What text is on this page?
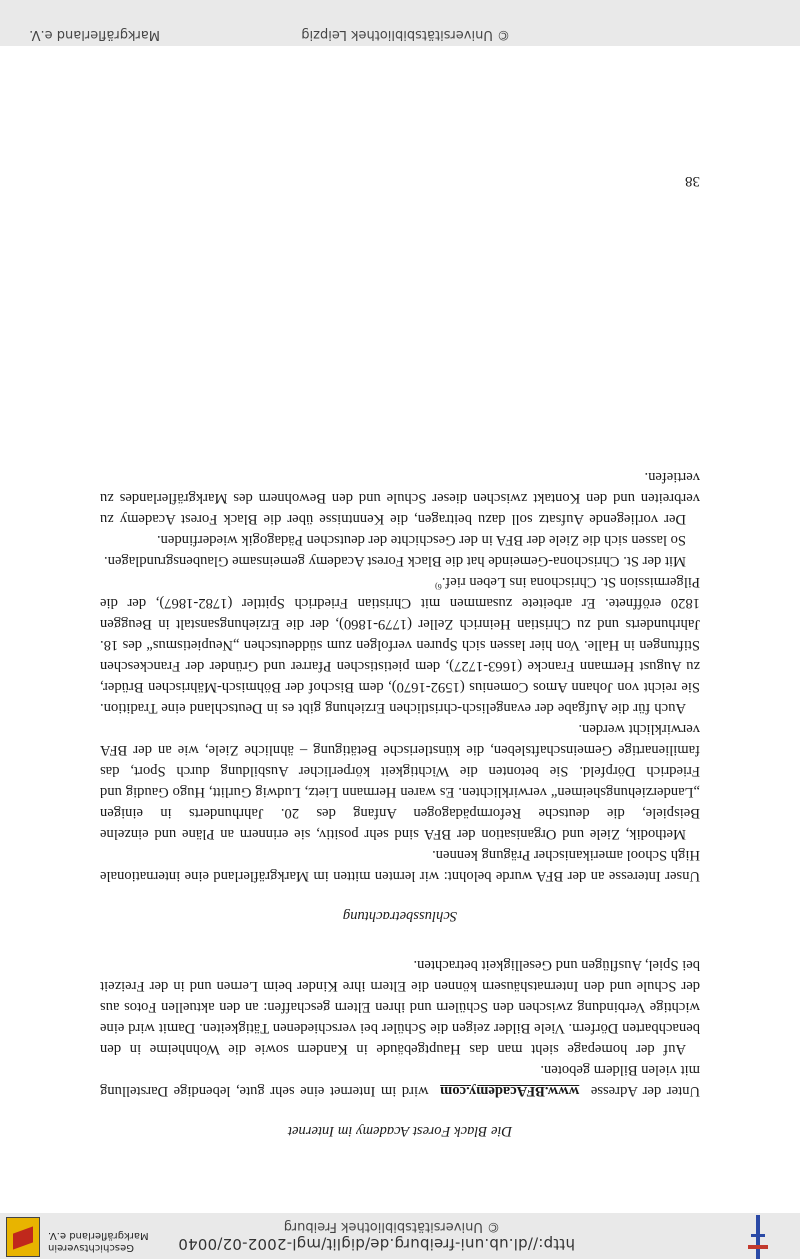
http://dl.ub.uni-freiburg.de/diglit/mgl-2002-02/0040
© Universitätsbibliothek Freiburg
Geschichtsverein
Markgräflerland e.V.
38
Die Black Forest Academy im Internet

Unter der Adresse www.BFAcademy.com wird im Internet eine sehr gute, lebendige Darstellung mit vielen Bildern geboten.

Auf der homepage sieht man das Hauptgebäude in Kandern sowie die Wohnheime in den benachbarten Dörfern. Viele Bilder zeigen die Schüler bei verschiedenen Tätigkeiten. Damit wird eine wichtige Verbindung zwischen den Schülern und ihren Eltern geschaffen: an den aktuellen Fotos aus der Schule und den Internatshäusern können die Eltern ihre Kinder beim Lernen und in der Freizeit bei Spiel, Ausflügen und Geselligkeit betrachten.

Schlussbetrachtung

Unser Interesse an der BFA wurde belohnt: wir lernten mitten im Markgräflerland eine internationale High School amerikanischer Prägung kennen.

Methodik, Ziele und Organisation der BFA sind sehr positiv, sie erinnern an Pläne und einzelne Beispiele, die deutsche Reformpädagogen Anfang des 20. Jahrhunderts in einigen „Landerziehungsheimen“ verwirklichten. Es waren Hermann Lietz, Ludwig Gurlitt, Hugo Gaudig und Friedrich Dörpfeld. Sie betonten die Wichtigkeit körperlicher Ausbildung durch Sport, das familienartige Gemeinschaftsleben, die künstlerische Betätigung – ähnliche Ziele, wie an der BFA verwirklicht werden.

Auch für die Aufgabe der evangelisch-christlichen Erziehung gibt es in Deutschland eine Tradition. Sie reicht von Johann Amos Comenius (1592-1670), dem Bischof der Böhmisch-Mährischen Brüder, zu August Hermann Francke (1663-1727), dem pietistischen Pfarrer und Gründer der Franckeschen Stiftungen in Halle. Von hier lassen sich Spuren verfolgen zum süddeutschen „Neupietismus“ des 18. Jahrhunderts und zu Christian Heinrich Zeller (1779-1860), der die Erziehungsanstalt in Beuggen 1820 eröffnete. Er arbeitete zusammen mit Christian Friedrich Spittler (1782-1867), der die Pilgermission St. Chrischona ins Leben rief.$^{6)}$

Mit der St. Chrischona-Gemeinde hat die Black Forest Academy gemeinsame Glaubensgrundlagen.

So lassen sich die Ziele der BFA in der Geschichte der deutschen Pädagogik wiederfinden.

Der vorliegende Aufsatz soll dazu beitragen, die Kenntnisse über die Black Forest Academy zu verbreiten und den Kontakt zwischen dieser Schule und den Bewohnern des Markgräflerlandes zu vertiefen.

© Universitätsbibliothek Leipzig
Markgräflerland e.V.
